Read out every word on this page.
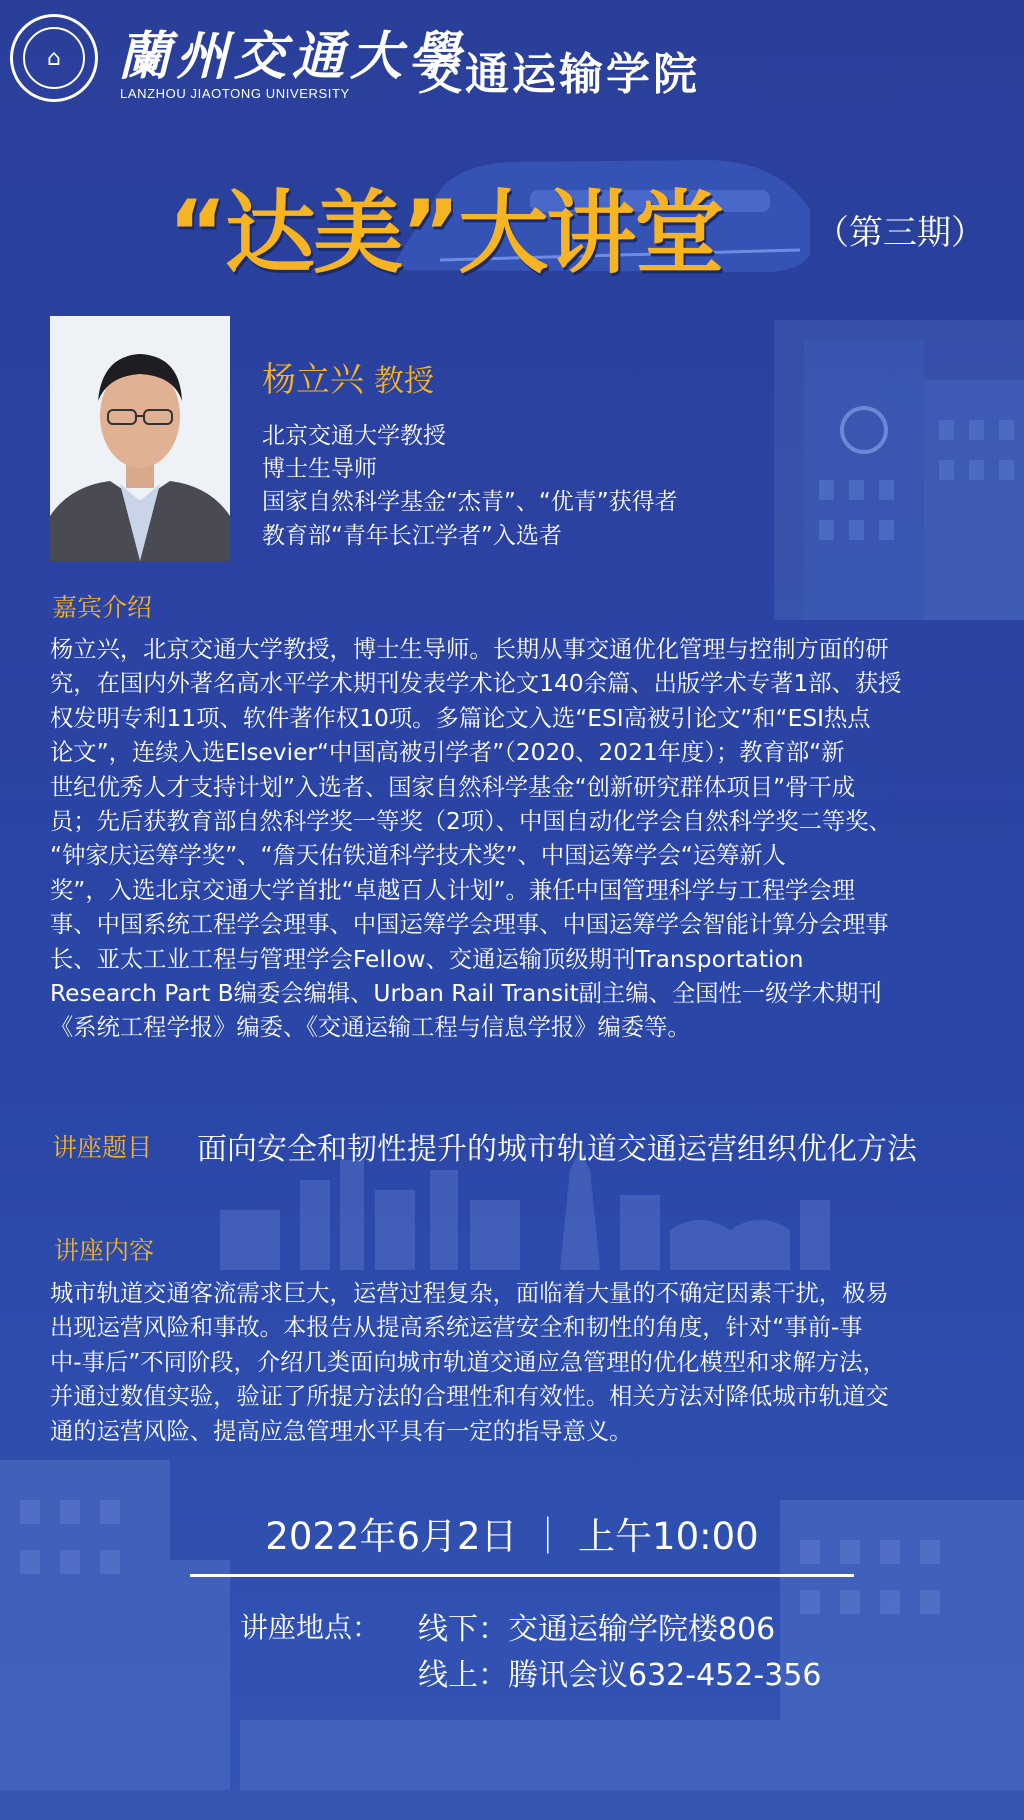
⌂	蘭州交通大學
LANZHOU JIAOTONG UNIVERSITY 交通运输学院
“达美”大讲堂	（第三期）
杨立兴 教授
北京交通大学教授
博士生导师
国家自然科学基金“杰青”、“优青”获得者
教育部“青年长江学者”入选者
嘉宾介绍
杨立兴，北京交通大学教授，博士生导师。长期从事交通优化管理与控制方面的研
究，在国内外著名高水平学术期刊发表学术论文140余篇、出版学术专著1部、获授
权发明专利11项、软件著作权10项。多篇论文入选“ESI高被引论文”和“ESI热点
论文”，连续入选Elsevier“中国高被引学者”（2020、2021年度）；教育部“新
世纪优秀人才支持计划”入选者、国家自然科学基金“创新研究群体项目”骨干成
员；先后获教育部自然科学奖一等奖（2项）、中国自动化学会自然科学奖二等奖、
“钟家庆运筹学奖”、“詹天佑铁道科学技术奖”、中国运筹学会“运筹新人
奖”，入选北京交通大学首批“卓越百人计划”。兼任中国管理科学与工程学会理
事、中国系统工程学会理事、中国运筹学会理事、中国运筹学会智能计算分会理事
长、亚太工业工程与管理学会Fellow、交通运输顶级期刊Transportation
Research Part B编委会编辑、Urban Rail Transit副主编、全国性一级学术期刊
《系统工程学报》编委、《交通运输工程与信息学报》编委等。
讲座题目 面向安全和韧性提升的城市轨道交通运营组织优化方法
讲座内容
城市轨道交通客流需求巨大，运营过程复杂，面临着大量的不确定因素干扰，极易
出现运营风险和事故。本报告从提高系统运营安全和韧性的角度，针对“事前-事
中-事后”不同阶段，介绍几类面向城市轨道交通应急管理的优化模型和求解方法，
并通过数值实验，验证了所提方法的合理性和有效性。相关方法对降低城市轨道交
通的运营风险、提高应急管理水平具有一定的指导意义。
2022年6月2日 ｜ 上午10:00
讲座地点： 线下：交通运输学院楼806
线上：腾讯会议632-452-356
